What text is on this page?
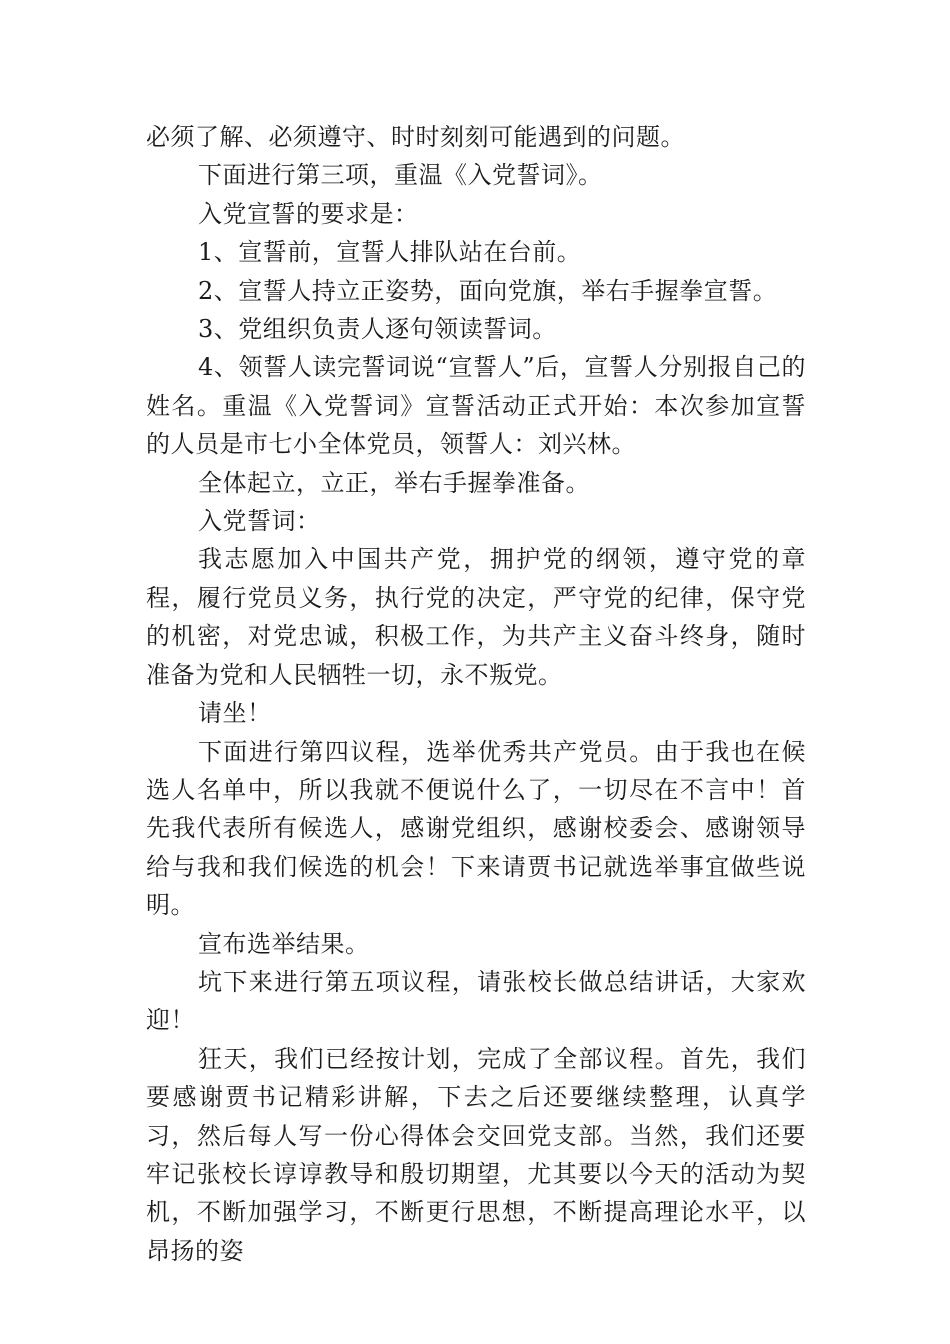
必须了解、必须遵守、时时刻刻可能遇到的问题。

下面进行第三项，重温《入党誓词》。

入党宣誓的要求是：

1、宣誓前，宣誓人排队站在台前。

2、宣誓人持立正姿势，面向党旗，举右手握拳宣誓。

3、党组织负责人逐句领读誓词。

4、领誓人读完誓词说“宣誓人”后，宣誓人分别报自己的姓名。重温《入党誓词》宣誓活动正式开始：本次参加宣誓的人员是市七小全体党员，领誓人：刘兴林。

全体起立，立正，举右手握拳准备。

入党誓词：

我志愿加入中国共产党，拥护党的纲领，遵守党的章程，履行党员义务，执行党的决定，严守党的纪律，保守党的机密，对党忠诚，积极工作，为共产主义奋斗终身，随时准备为党和人民牺牲一切，永不叛党。

请坐！

下面进行第四议程，选举优秀共产党员。由于我也在候选人名单中，所以我就不便说什么了，一切尽在不言中！首先我代表所有候选人，感谢党组织，感谢校委会、感谢领导给与我和我们候选的机会！下来请贾书记就选举事宜做些说明。

宣布选举结果。

坑下来进行第五项议程，请张校长做总结讲话，大家欢迎！

狂天，我们已经按计划，完成了全部议程。首先，我们要感谢贾书记精彩讲解，下去之后还要继续整理，认真学习，然后每人写一份心得体会交回党支部。当然，我们还要牢记张校长谆谆教导和殷切期望，尤其要以今天的活动为契机，不断加强学习，不断更行思想，不断提高理论水平，以昂扬的姿
